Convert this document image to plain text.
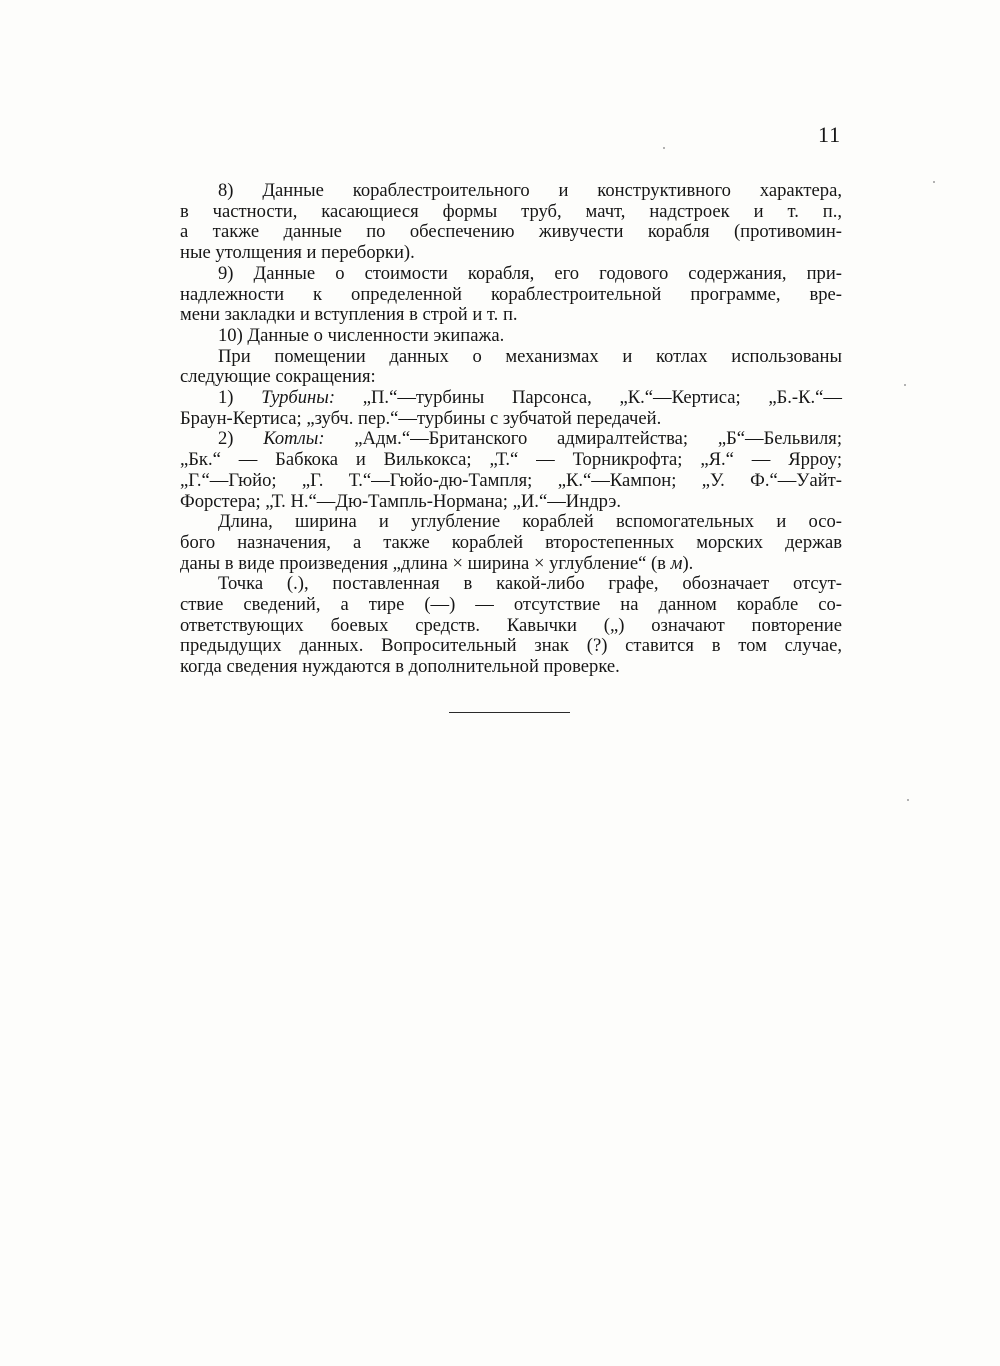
11

8) Данные кораблестроительного и конструктивного характера,

в частности, касающиеся формы труб, мачт, надстроек и т. п.,

а также данные по обеспечению живучести корабля (противомин-

ные утолщения и переборки).

9) Данные о стоимости корабля, его годового содержания, при-

надлежности к определенной кораблестроительной программе, вре-

мени закладки и вступления в строй и т. п.

10) Данные о численности экипажа.

При помещении данных о механизмах и котлах использованы

следующие сокращения:

1) Турбины: „П.“—турбины Парсонса, „К.“—Кертиса; „Б.-К.“—

Браун-Кертиса; „зубч. пер.“—турбины с зубчатой передачей.

2) Котлы: „Адм.“—Британского адмиралтейства; „Б“—Бельвиля;

„Бк.“ — Бабкока и Вилькокса; „Т.“ — Торникрофта; „Я.“ — Ярроу;

„Г.“—Гюйо; „Г. Т.“—Гюйо-дю-Тампля; „К.“—Кампон; „У. Ф.“—Уайт-

Форстера; „Т. Н.“—Дю-Тампль-Нормана; „И.“—Индрэ.

Длина, ширина и углубление кораблей вспомогательных и осо-

бого назначения, а также кораблей второстепенных морских держав

даны в виде произведения „длина × ширина × углубление“ (в м).

Точка (.), поставленная в какой-либо графе, обозначает отсут-

ствие сведений, а тире (—) — отсутствие на данном корабле со-

ответствующих боевых средств. Кавычки („) означают повторение

предыдущих данных. Вопросительный знак (?) ставится в том случае,

когда сведения нуждаются в дополнительной проверке.
